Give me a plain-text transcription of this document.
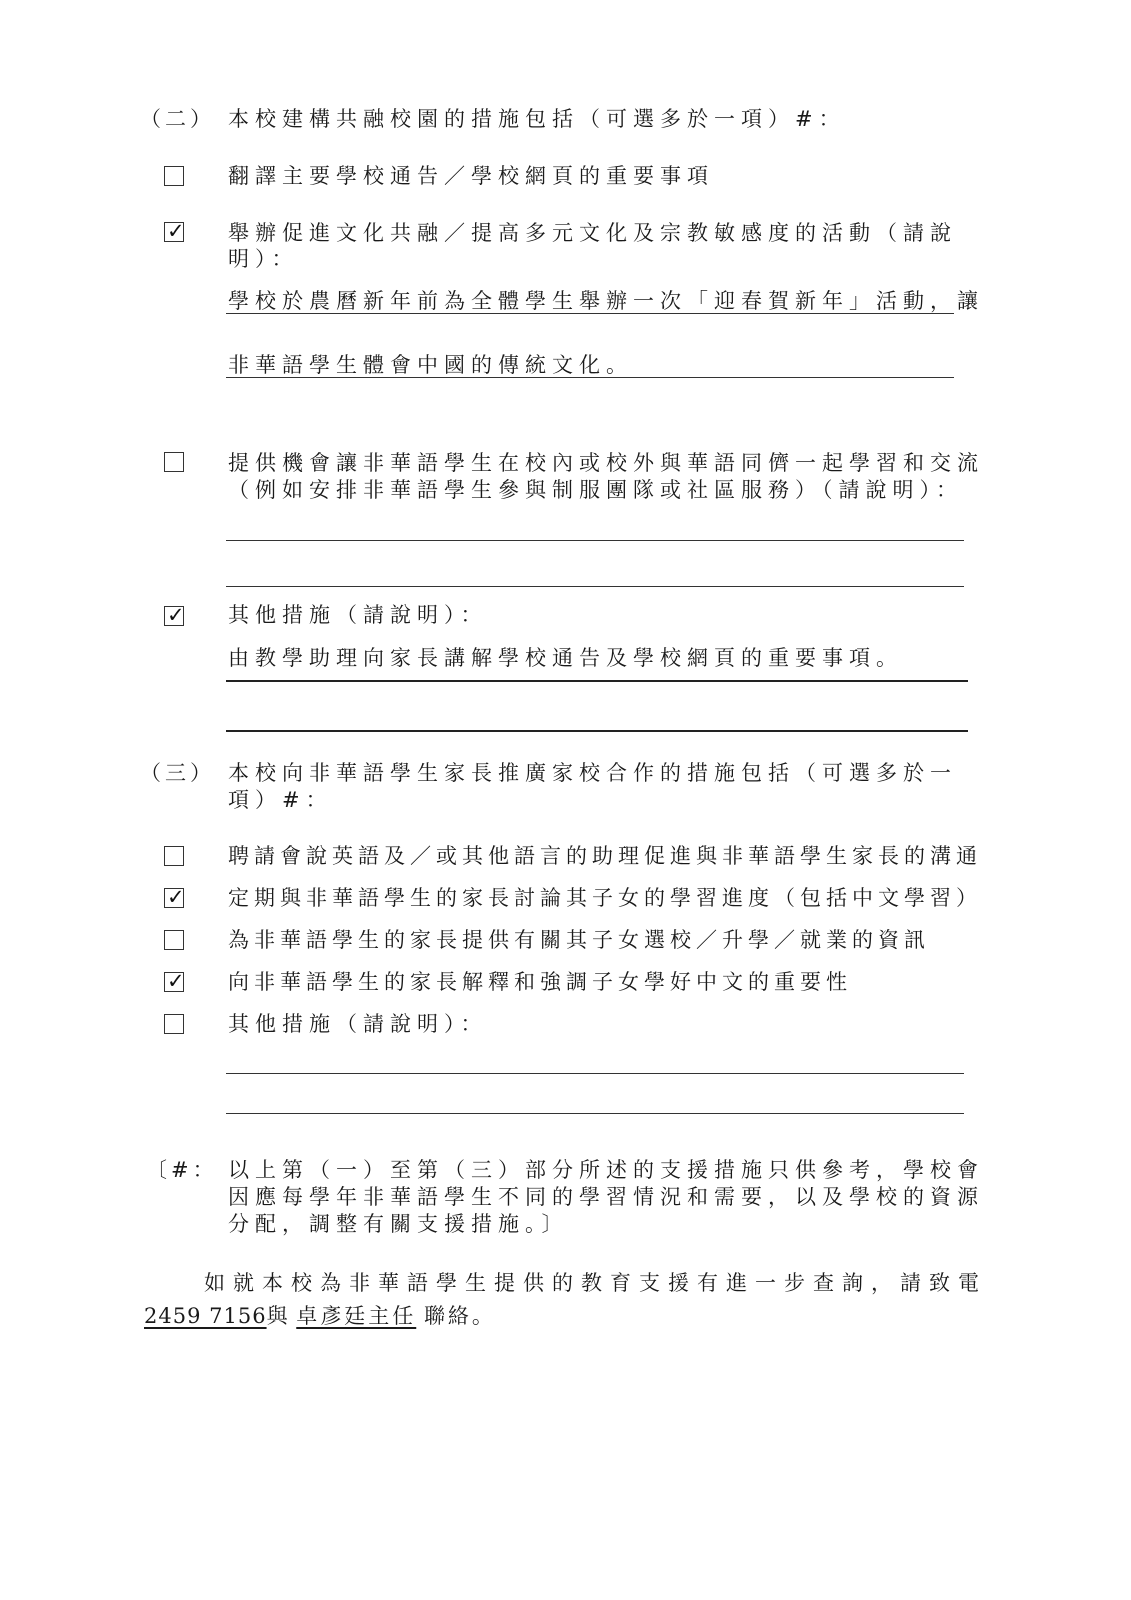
（二） 本校建構共融校園的措施包括（可選多於一項）#：
翻譯主要學校通告／學校網頁的重要事項
✓ 舉辦促進文化共融／提高多元文化及宗教敏感度的活動（請說
明）：
學校於農曆新年前為全體學生舉辦一次「迎春賀新年」活動，讓
非華語學生體會中國的傳統文化。
提供機會讓非華語學生在校內或校外與華語同儕一起學習和交流
（例如安排非華語學生參與制服團隊或社區服務）（請說明）：
✓ 其他措施（請說明）：
由教學助理向家長講解學校通告及學校網頁的重要事項。
（三） 本校向非華語學生家長推廣家校合作的措施包括（可選多於一
項）#：
聘請會說英語及／或其他語言的助理促進與非華語學生家長的溝通
✓ 定期與非華語學生的家長討論其子女的學習進度（包括中文學習）
為非華語學生的家長提供有關其子女選校／升學／就業的資訊
✓ 向非華語學生的家長解釋和強調子女學好中文的重要性
其他措施（請說明）：
〔#： 以上第（一）至第（三）部分所述的支援措施只供參考，學校會
因應每學年非華語學生不同的學習情況和需要，以及學校的資源
分配，調整有關支援措施。〕
如就本校為非華語學生提供的教育支援有進一步查詢，請致電
2459 7156與 卓彥廷主任 聯絡。
